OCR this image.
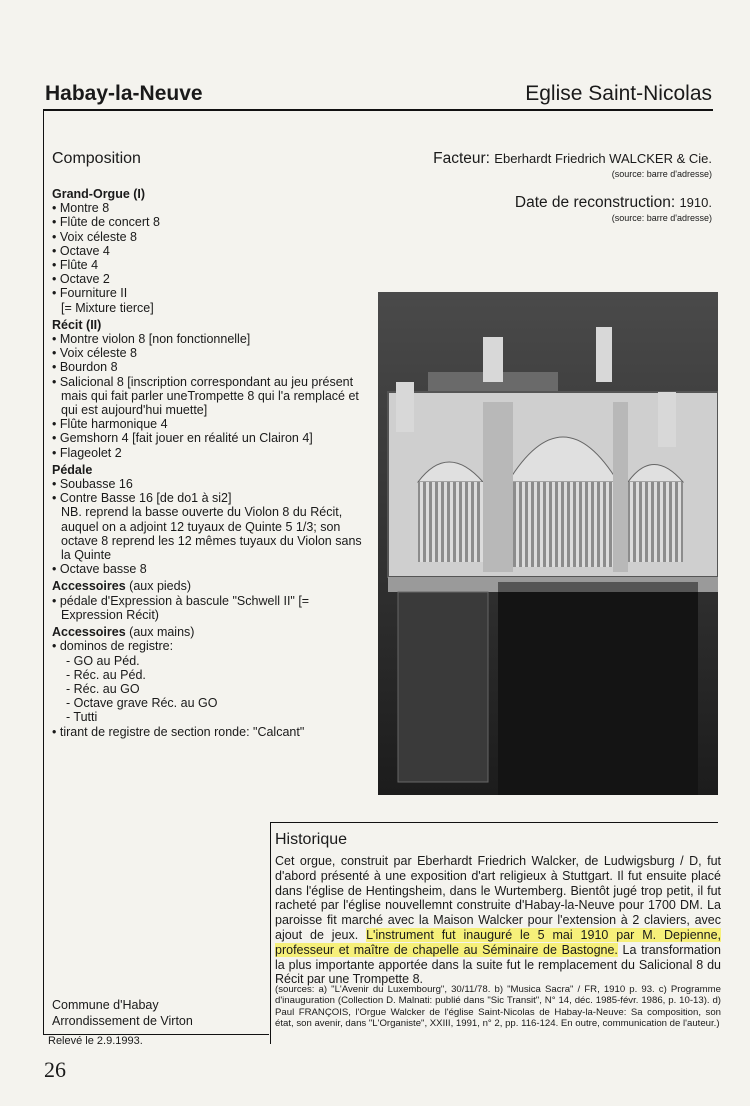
Habay-la-Neuve	Eglise Saint-Nicolas
Composition
Grand-Orgue (I)
• Montre 8
• Flûte de concert 8
• Voix céleste 8
• Octave 4
• Flûte 4
• Octave 2
• Fourniture II
[= Mixture tierce]
Récit (II)
• Montre violon 8 [non fonctionnelle]
• Voix céleste 8
• Bourdon 8
• Salicional 8 [inscription correspondant au jeu présent mais qui fait parler uneTrompette 8 qui l'a remplacé et qui est aujourd'hui muette]
• Flûte harmonique 4
• Gemshorn 4 [fait jouer en réalité un Clairon 4]
• Flageolet 2
Pédale
• Soubasse 16
• Contre Basse 16 [de do1 à si2]
NB. reprend la basse ouverte du Violon 8 du Récit, auquel on a adjoint 12 tuyaux de Quinte 5 1/3; son octave 8 reprend les 12 mêmes tuyaux du Violon sans la Quinte
• Octave basse 8
Accessoires (aux pieds)
• pédale d'Expression à bascule "Schwell II" [= Expression Récit)
Accessoires (aux mains)
• dominos de registre:
- GO au Péd.
- Réc. au Péd.
- Réc. au GO
- Octave grave Réc. au GO
- Tutti
• tirant de registre de section ronde: "Calcant"
Facteur: Eberhardt Friedrich WALCKER & Cie.
(source: barre d'adresse)
Date de reconstruction: 1910.
(source: barre d'adresse)
Historique
Cet orgue, construit par Eberhardt Friedrich Walcker, de Ludwigsburg / D, fut d'abord présenté à une exposition d'art religieux à Stuttgart. Il fut ensuite placé dans l'église de Hentingsheim, dans le Wurtemberg. Bientôt jugé trop petit, il fut racheté par l'église nouvellemnt construite d'Habay-la-Neuve pour 1700 DM. La paroisse fit marché avec la Maison Walcker pour l'extension à 2 claviers, avec ajout de jeux. L'instrument fut inauguré le 5 mai 1910 par M. Depienne, professeur et maître de chapelle au Séminaire de Bastogne. La transformation la plus importante apportée dans la suite fut le remplacement du Salicional 8 du Récit par une Trompette 8.
(sources: a) "L'Avenir du Luxembourg", 30/11/78. b) "Musica Sacra" / FR, 1910 p. 93. c) Programme d'inauguration (Collection D. Malnati: publié dans "Sic Transit", N° 14, déc. 1985-févr. 1986, p. 10-13). d) Paul FRANÇOIS, l'Orgue Walcker de l'église Saint-Nicolas de Habay-la-Neuve: Sa composition, son état, son avenir, dans "L'Organiste", XXIII, 1991, n° 2, pp. 116-124. En outre, communication de l'auteur.)
Commune d'Habay
Arrondissement de Virton
Relevé le 2.9.1993.
26
